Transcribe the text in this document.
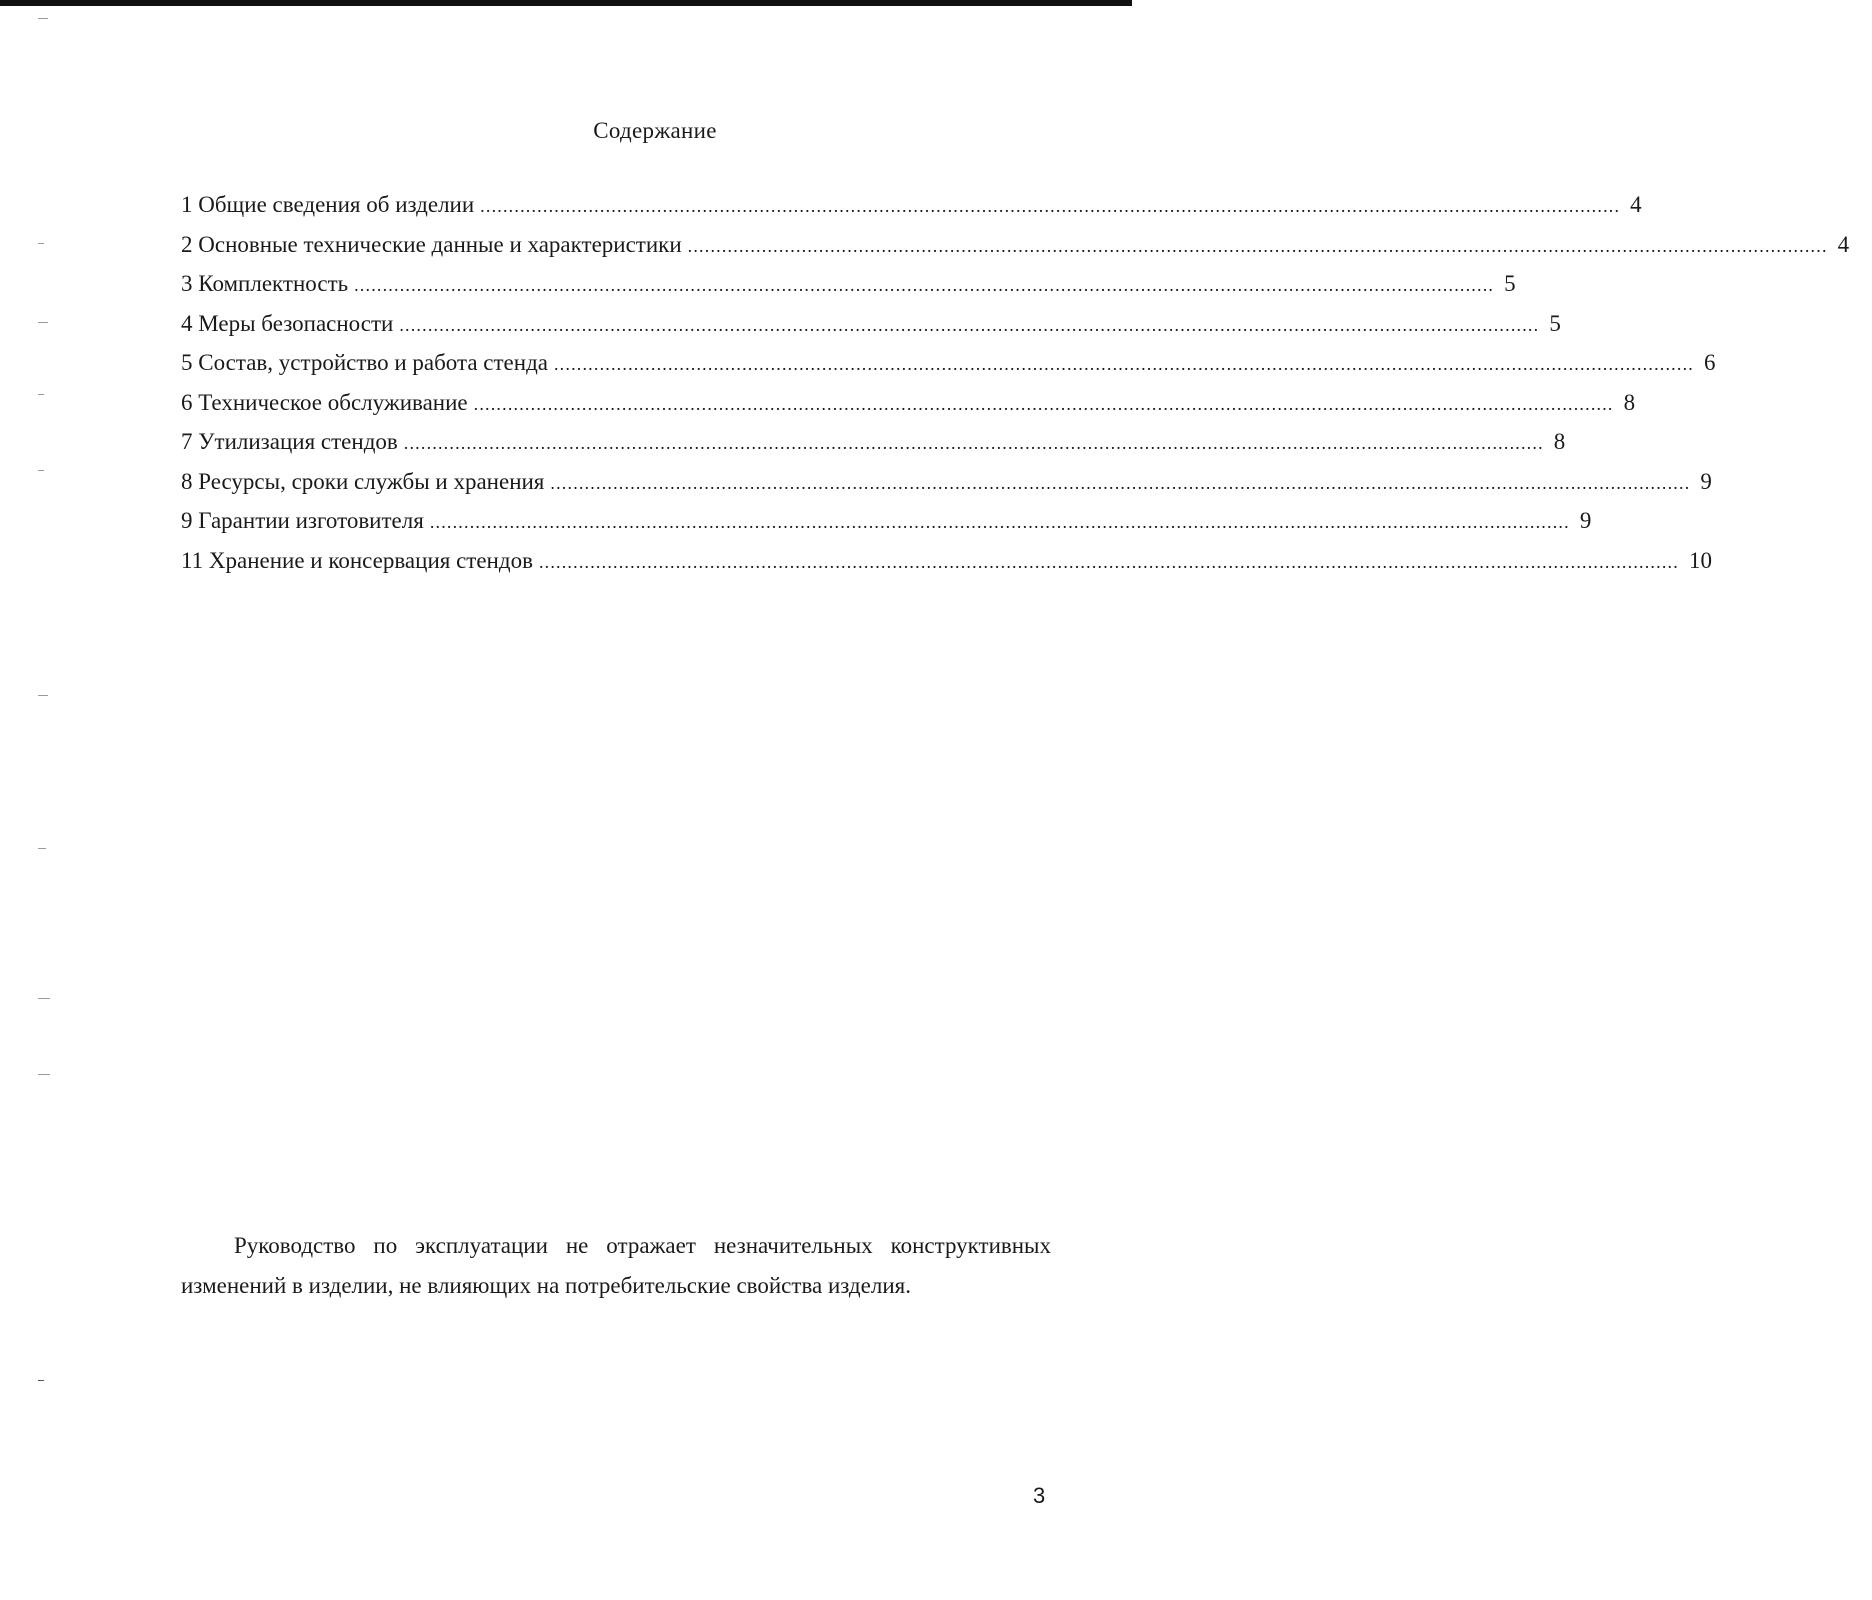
Содержание
1 Общие сведения об изделии ........................................................................................................................................................................................................ 4
2 Основные технические данные и характеристики ........................................................................................................................................................................................................ 4
3 Комплектность ........................................................................................................................................................................................................ 5
4 Меры безопасности ........................................................................................................................................................................................................ 5
5 Состав, устройство и работа стенда ........................................................................................................................................................................................................ 6
6 Техническое обслуживание ........................................................................................................................................................................................................ 8
7 Утилизация стендов ........................................................................................................................................................................................................ 8
8 Ресурсы, сроки службы и хранения ........................................................................................................................................................................................................ 9
9 Гарантии изготовителя ........................................................................................................................................................................................................ 9
11 Хранение и консервация стендов ........................................................................................................................................................................................................ 10

Руководство по эксплуатации не отражает незначительных конструктивных изменений в изделии, не влияющих на потребительские свойства изделия.

3
